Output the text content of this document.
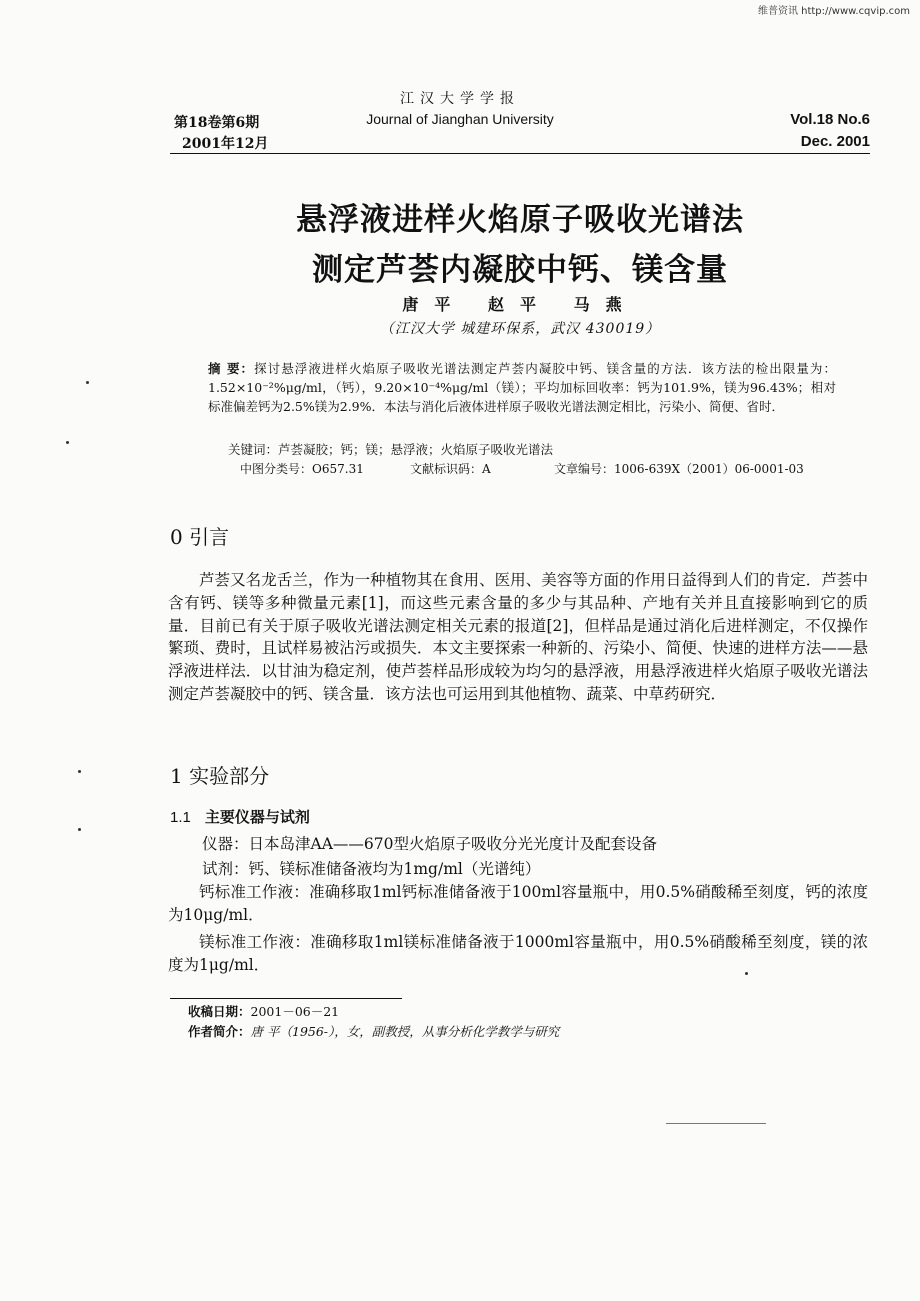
维普资讯 http://www.cqvip.com
第18卷第6期
2001年12月
江汉大学学报
Journal of Jianghan University	Vol.18 No.6
Dec. 2001
悬浮液进样火焰原子吸收光谱法
测定芦荟内凝胶中钙、镁含量
唐平 赵平 马燕
（江汉大学 城建环保系，武汉 430019）
摘 要：探讨悬浮液进样火焰原子吸收光谱法测定芦荟内凝胶中钙、镁含量的方法．该方法的检出限量为：1.52×10⁻²%μg/ml，（钙），9.20×10⁻⁴%μg/ml（镁）；平均加标回收率：钙为101.9%，镁为96.43%；相对标准偏差钙为2.5%镁为2.9%．本法与消化后液体进样原子吸收光谱法测定相比，污染小、简便、省时．
关键词：芦荟凝胶；钙；镁；悬浮液；火焰原子吸收光谱法
中图分类号：O657.31	文献标识码：A	文章编号：1006-639X（2001）06-0001-03
0 引言
芦荟又名龙舌兰，作为一种植物其在食用、医用、美容等方面的作用日益得到人们的肯定．芦荟中含有钙、镁等多种微量元素[1]，而这些元素含量的多少与其品种、产地有关并且直接影响到它的质量．目前已有关于原子吸收光谱法测定相关元素的报道[2]，但样品是通过消化后进样测定，不仅操作繁琐、费时，且试样易被沾污或损失．本文主要探索一种新的、污染小、简便、快速的进样方法——悬浮液进样法．以甘油为稳定剂，使芦荟样品形成较为均匀的悬浮液，用悬浮液进样火焰原子吸收光谱法测定芦荟凝胶中的钙、镁含量．该方法也可运用到其他植物、蔬菜、中草药研究．
1 实验部分
1.1 主要仪器与试剂
仪器：日本岛津AA——670型火焰原子吸收分光光度计及配套设备
试剂：钙、镁标准储备液均为1mg/ml（光谱纯）
钙标准工作液：准确移取1ml钙标准储备液于100ml容量瓶中，用0.5%硝酸稀至刻度，钙的浓度为10μg/ml．
镁标准工作液：准确移取1ml镁标准储备液于1000ml容量瓶中，用0.5%硝酸稀至刻度，镁的浓度为1μg/ml．
收稿日期：2001－06－21
作者简介：唐 平（1956-），女，副教授，从事分析化学教学与研究
